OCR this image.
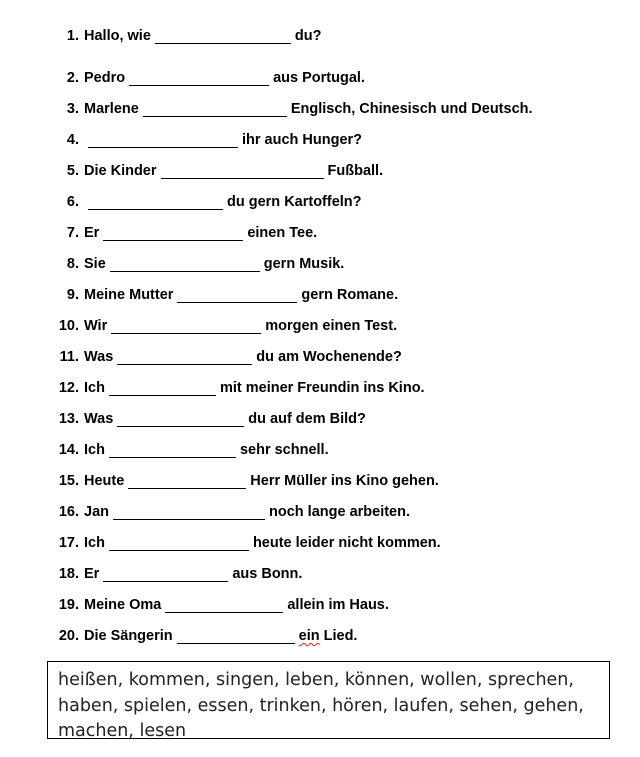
1. Hallo, wie	du?
2. Pedro	aus Portugal.
3. Marlene	Englisch, Chinesisch und Deutsch.
4.	ihr auch Hunger?
5. Die Kinder	Fußball.
6.	du gern Kartoffeln?
7. Er	einen Tee.
8. Sie	gern Musik.
9. Meine Mutter	gern Romane.
10. Wir	morgen einen Test.
11. Was	du am Wochenende?
12. Ich	mit meiner Freundin ins Kino.
13. Was	du auf dem Bild?
14. Ich	sehr schnell.
15. Heute	Herr Müller ins Kino gehen.
16. Jan	noch lange arbeiten.
17. Ich	heute leider nicht kommen.
18. Er	aus Bonn.
19. Meine Oma	allein im Haus.
20. Die Sängerin	ein Lied.
heißen, kommen, singen, leben, können, wollen, sprechen,
haben, spielen, essen, trinken, hören, laufen, sehen, gehen,
machen, lesen
